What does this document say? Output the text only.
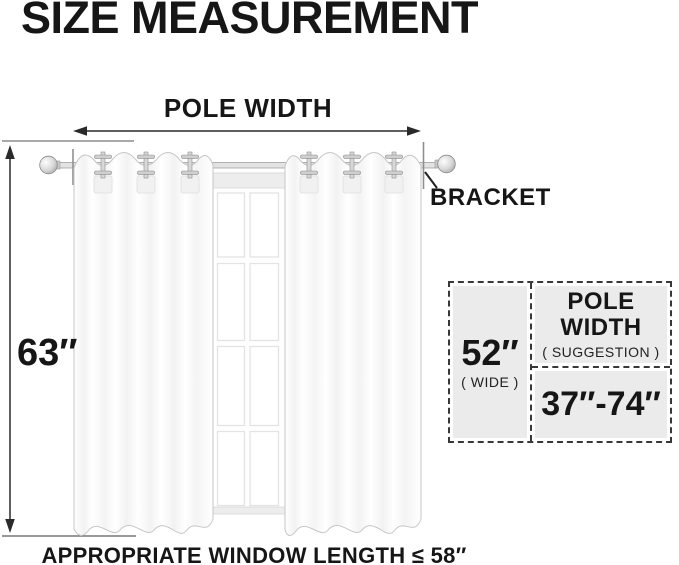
SIZE MEASUREMENT
POLE WIDTH
BRACKET
63″
APPROPRIATE WINDOW LENGTH ≤ 58″
52″
( WIDE )
POLE WIDTH
( SUGGESTION )
37″-74″
